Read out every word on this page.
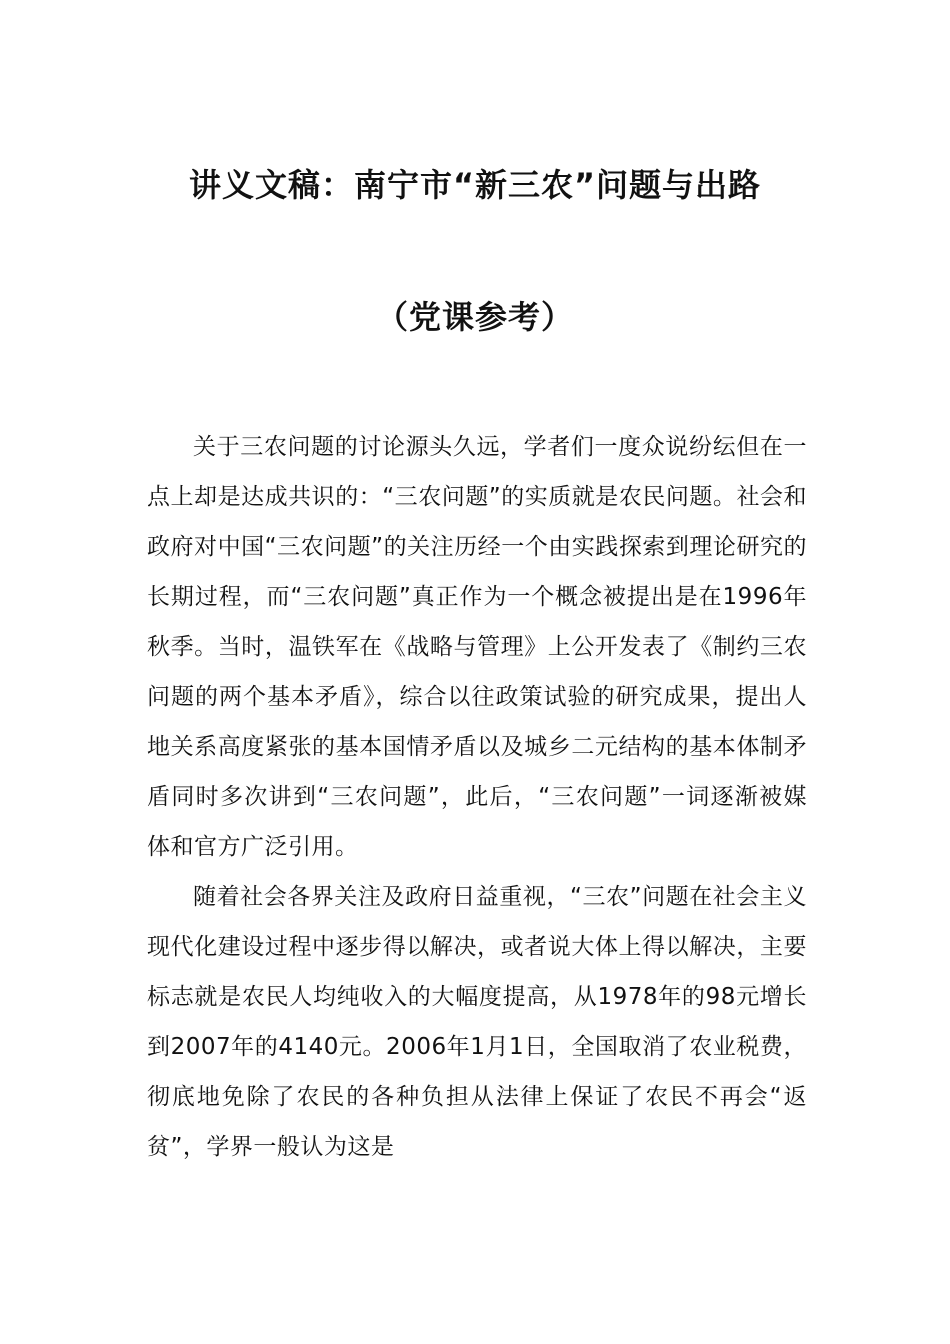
讲义文稿：南宁市“新三农”问题与出路
（党课参考）

关于三农问题的讨论源头久远，学者们一度众说纷纭但在一点上却是达成共识的：“三农问题”的实质就是农民问题。社会和政府对中国“三农问题”的关注历经一个由实践探索到理论研究的长期过程，而“三农问题”真正作为一个概念被提出是在1996年秋季。当时，温铁军在《战略与管理》上公开发表了《制约三农问题的两个基本矛盾》，综合以往政策试验的研究成果，提出人地关系高度紧张的基本国情矛盾以及城乡二元结构的基本体制矛盾同时多次讲到“三农问题”，此后，“三农问题”一词逐渐被媒体和官方广泛引用。

随着社会各界关注及政府日益重视，“三农”问题在社会主义现代化建设过程中逐步得以解决，或者说大体上得以解决，主要标志就是农民人均纯收入的大幅度提高，从1978年的98元增长到2007年的4140元。2006年1月1日，全国取消了农业税费，彻底地免除了农民的各种负担从法律上保证了农民不再会“返贫”，学界一般认为这是
